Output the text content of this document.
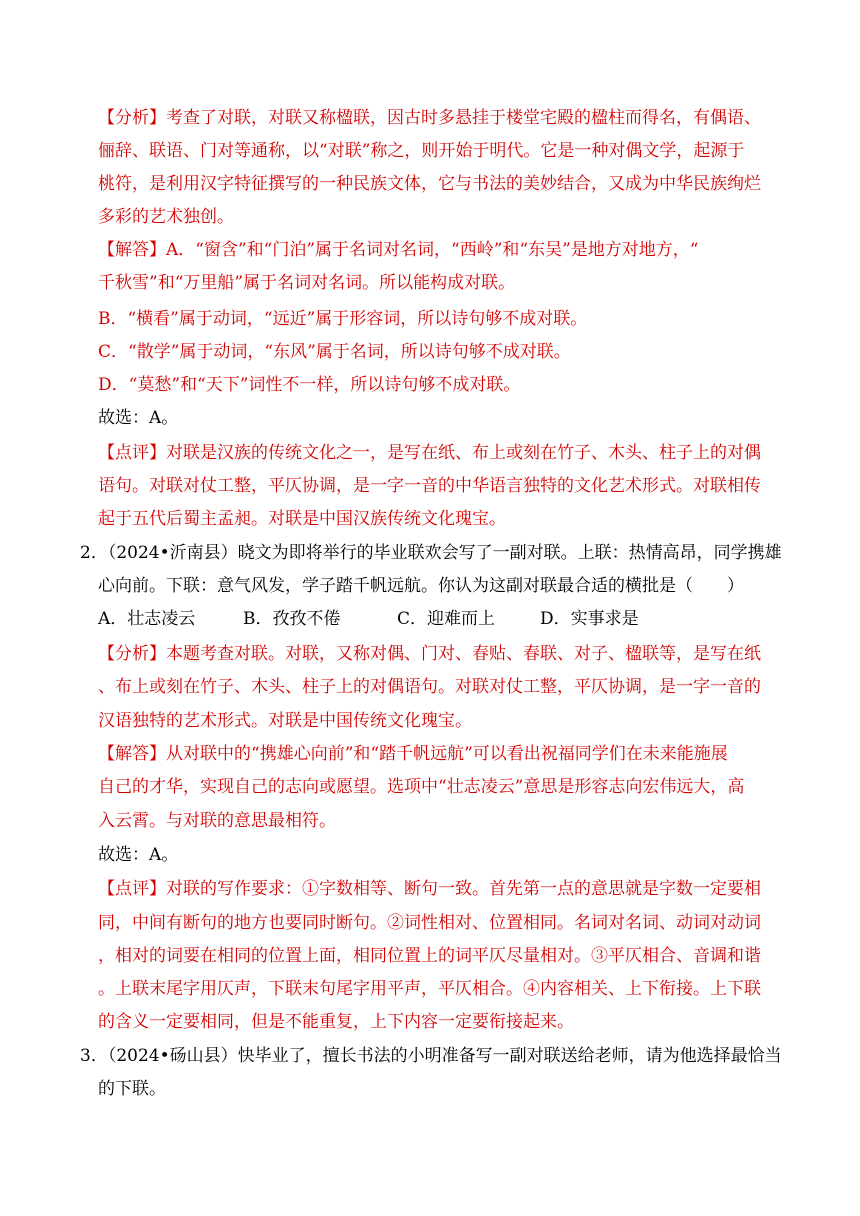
【分析】考查了对联，对联又称楹联，因古时多悬挂于楼堂宅殿的楹柱而得名，有偶语、
俪辞、联语、门对等通称，以“对联”称之，则开始于明代。它是一种对偶文学，起源于
桃符，是利用汉字特征撰写的一种民族文体，它与书法的美妙结合，又成为中华民族绚烂
多彩的艺术独创。
【解答】A．“窗含”和“门泊”属于名词对名词，“西岭”和“东吴”是地方对地方，“
千秋雪”和“万里船”属于名词对名词。所以能构成对联。
B．“横看”属于动词，“远近”属于形容词，所以诗句够不成对联。
C．“散学”属于动词，“东风”属于名词，所以诗句够不成对联。
D．“莫愁”和“天下”词性不一样，所以诗句够不成对联。
故选：A。
【点评】对联是汉族的传统文化之一，是写在纸、布上或刻在竹子、木头、柱子上的对偶
语句。对联对仗工整，平仄协调，是一字一音的中华语言独特的文化艺术形式。对联相传
起于五代后蜀主孟昶。对联是中国汉族传统文化瑰宝。
2．（2024•沂南县）晓文为即将举行的毕业联欢会写了一副对联。上联：热情高昂，同学携雄
心向前。下联：意气风发，学子踏千帆远航。你认为这副对联最合适的横批是（　　）
A．壮志凌云	B．孜孜不倦	C．迎难而上	D．实事求是
【分析】本题考查对联。对联，又称对偶、门对、春贴、春联、对子、楹联等，是写在纸
、布上或刻在竹子、木头、柱子上的对偶语句。对联对仗工整，平仄协调，是一字一音的
汉语独特的艺术形式。对联是中国传统文化瑰宝。
【解答】从对联中的“携雄心向前”和“踏千帆远航”可以看出祝福同学们在未来能施展
自己的才华，实现自己的志向或愿望。选项中“壮志凌云”意思是形容志向宏伟远大，高
入云霄。与对联的意思最相符。
故选：A。
【点评】对联的写作要求：①字数相等、断句一致。首先第一点的意思就是字数一定要相
同，中间有断句的地方也要同时断句。②词性相对、位置相同。名词对名词、动词对动词
，相对的词要在相同的位置上面，相同位置上的词平仄尽量相对。③平仄相合、音调和谐
。上联末尾字用仄声，下联末句尾字用平声，平仄相合。④内容相关、上下衔接。上下联
的含义一定要相同，但是不能重复，上下内容一定要衔接起来。
3．（2024•砀山县）快毕业了，擅长书法的小明准备写一副对联送给老师，请为他选择最恰当
的下联。
